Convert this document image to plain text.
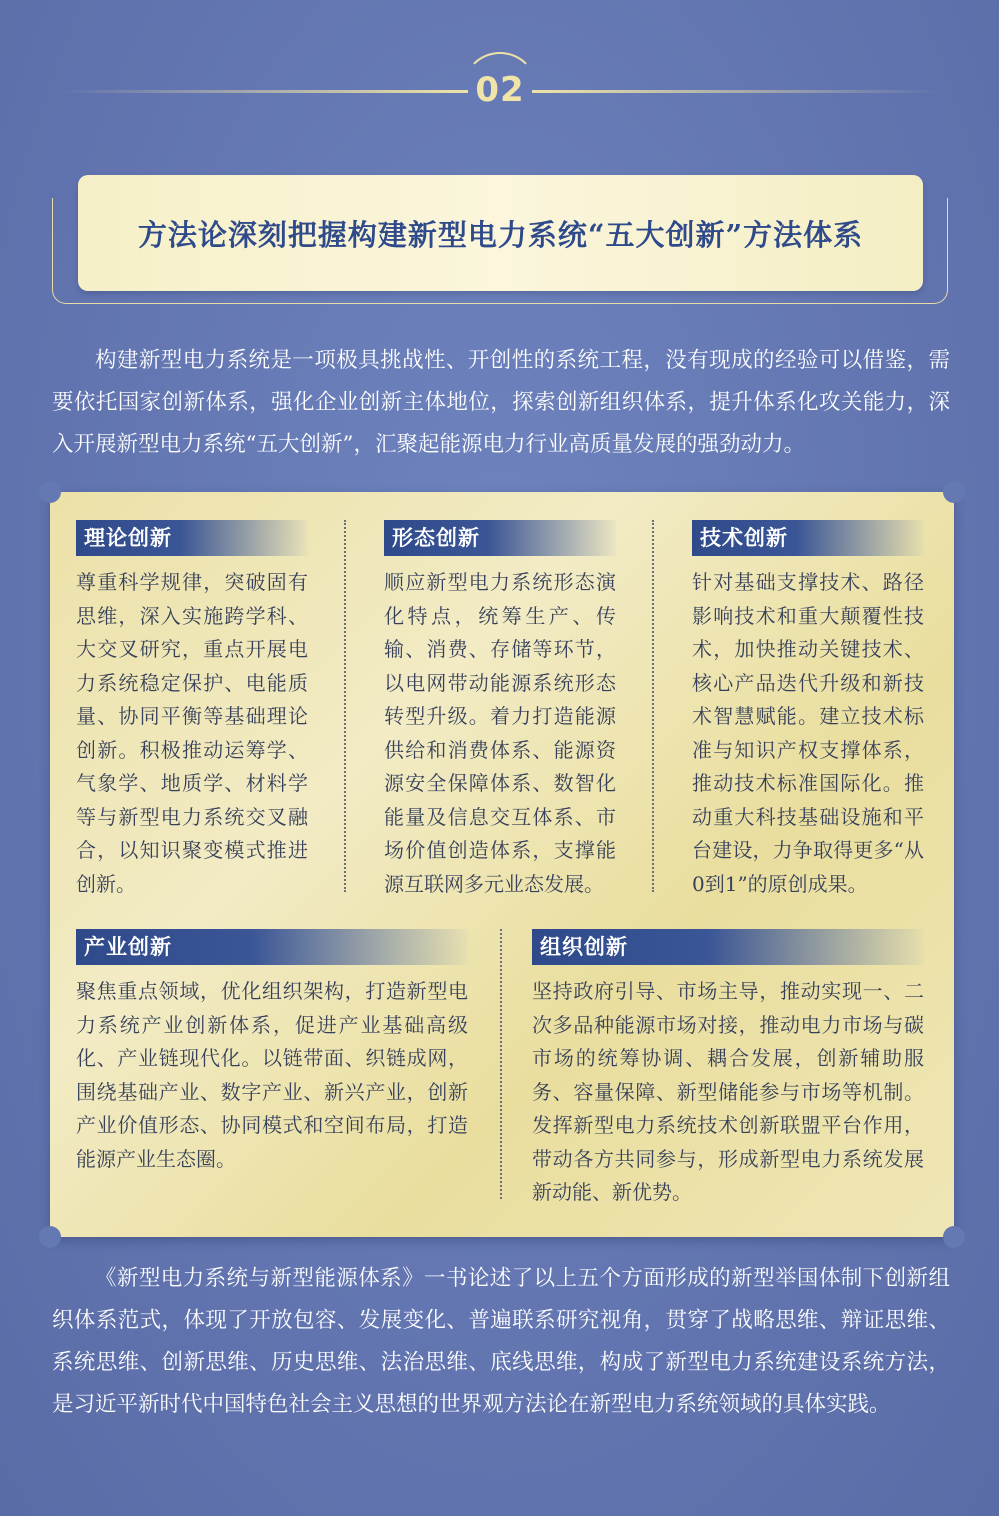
02
方法论深刻把握构建新型电力系统“五大创新”方法体系
构建新型电力系统是一项极具挑战性、开创性的系统工程，没有现成的经验可以借鉴，需要依托国家创新体系，强化企业创新主体地位，探索创新组织体系，提升体系化攻关能力，深入开展新型电力系统“五大创新”，汇聚起能源电力行业高质量发展的强劲动力。
理论创新
尊重科学规律，突破固有思维，深入实施跨学科、大交叉研究，重点开展电力系统稳定保护、电能质量、协同平衡等基础理论创新。积极推动运筹学、气象学、地质学、材料学等与新型电力系统交叉融合，以知识聚变模式推进创新。
形态创新
顺应新型电力系统形态演化特点，统筹生产、传输、消费、存储等环节，以电网带动能源系统形态转型升级。着力打造能源供给和消费体系、能源资源安全保障体系、数智化能量及信息交互体系、市场价值创造体系，支撑能源互联网多元业态发展。
技术创新
针对基础支撑技术、路径影响技术和重大颠覆性技术，加快推动关键技术、核心产品迭代升级和新技术智慧赋能。建立技术标准与知识产权支撑体系，推动技术标准国际化。推动重大科技基础设施和平台建设，力争取得更多“从0到1”的原创成果。
产业创新
聚焦重点领域，优化组织架构，打造新型电力系统产业创新体系，促进产业基础高级化、产业链现代化。以链带面、织链成网，围绕基础产业、数字产业、新兴产业，创新产业价值形态、协同模式和空间布局，打造能源产业生态圈。
组织创新
坚持政府引导、市场主导，推动实现一、二次多品种能源市场对接，推动电力市场与碳市场的统筹协调、耦合发展，创新辅助服务、容量保障、新型储能参与市场等机制。发挥新型电力系统技术创新联盟平台作用，带动各方共同参与，形成新型电力系统发展新动能、新优势。
《新型电力系统与新型能源体系》一书论述了以上五个方面形成的新型举国体制下创新组织体系范式，体现了开放包容、发展变化、普遍联系研究视角，贯穿了战略思维、辩证思维、系统思维、创新思维、历史思维、法治思维、底线思维，构成了新型电力系统建设系统方法，是习近平新时代中国特色社会主义思想的世界观方法论在新型电力系统领域的具体实践。
